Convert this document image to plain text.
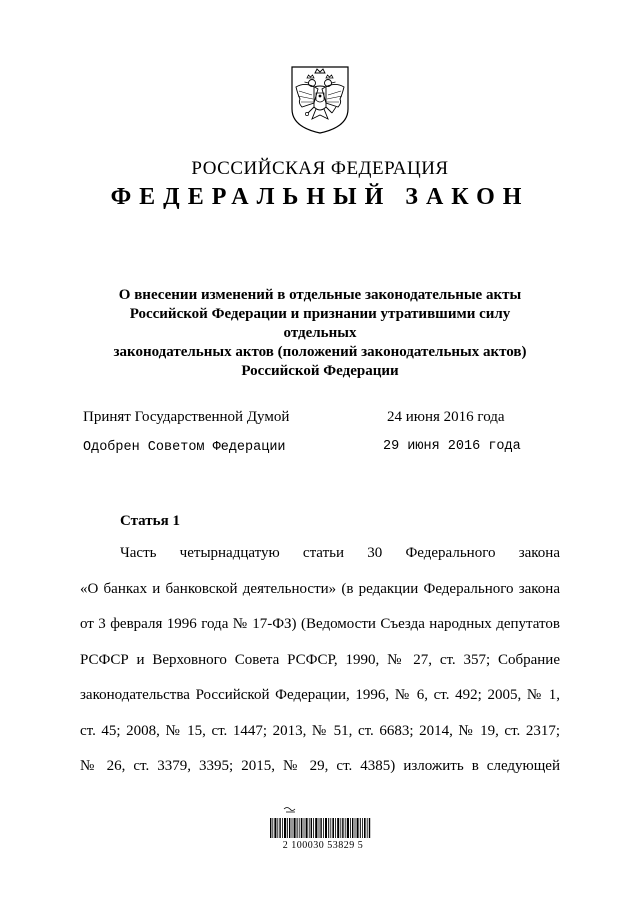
РОССИЙСКАЯ ФЕДЕРАЦИЯ
ФЕДЕРАЛЬНЫЙ ЗАКОН
О внесении изменений в отдельные законодательные акты
Российской Федерации и признании утратившими силу отдельных
законодательных актов (положений законодательных актов)
Российской Федерации
Принят Государственной Думой	24 июня 2016 года
Одобрен Советом Федерации	29 июня 2016 года
Статья 1
Часть четырнадцатую статьи 30 Федерального закона
«О банках и банковской деятельности» (в редакции Федерального закона
от 3 февраля 1996 года № 17-ФЗ) (Ведомости Съезда народных депутатов
РСФСР и Верховного Совета РСФСР, 1990, № 27, ст. 357; Собрание
законодательства Российской Федерации, 1996, № 6, ст. 492; 2005, № 1,
ст. 45; 2008, № 15, ст. 1447; 2013, № 51, ст. 6683; 2014, № 19, ст. 2317;
№ 26, ст. 3379, 3395; 2015, № 29, ст. 4385) изложить в следующей
2 100030 53829 5
